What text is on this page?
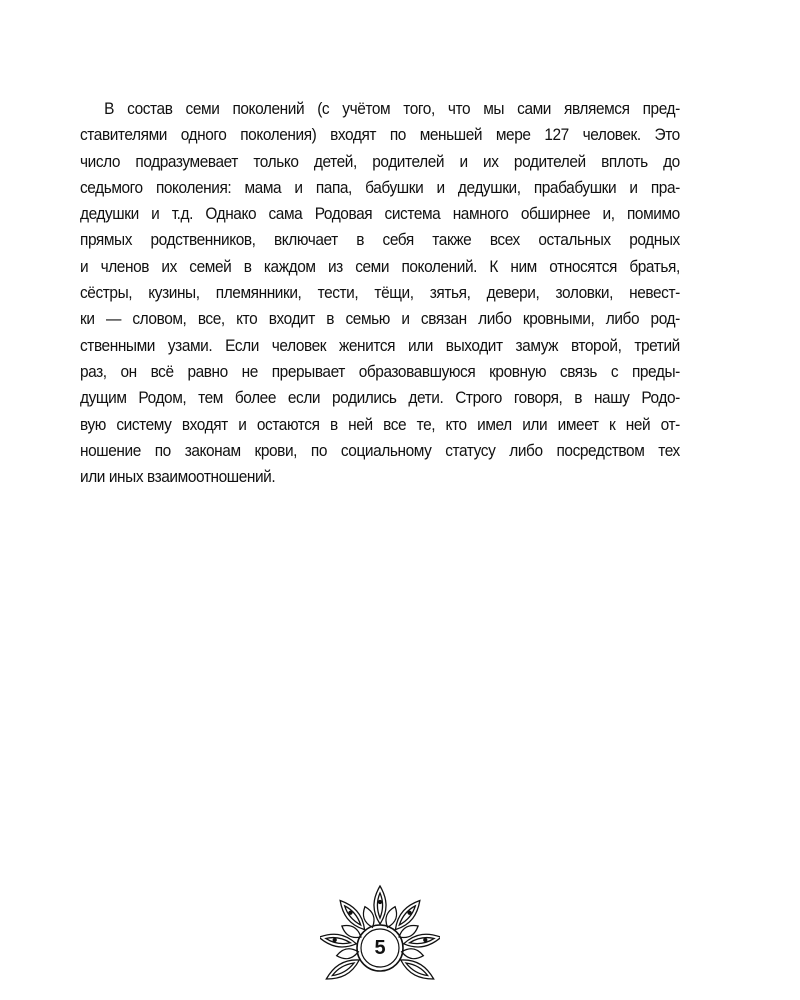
В состав семи поколений (с учётом того, что мы сами являемся пред-
ставителями одного поколения) входят по меньшей мере 127 человек. Это
число подразумевает только детей, родителей и их родителей вплоть до
седьмого поколения: мама и папа, бабушки и дедушки, прабабушки и пра-
дедушки и т.д. Однако сама Родовая система намного обширнее и, помимо
прямых родственников, включает в себя также всех остальных родных
и членов их семей в каждом из семи поколений. К ним относятся братья,
сёстры, кузины, племянники, тести, тёщи, зятья, девери, золовки, невест-
ки — словом, все, кто входит в семью и связан либо кровными, либо род-
ственными узами. Если человек женится или выходит замуж второй, третий
раз, он всё равно не прерывает образовавшуюся кровную связь с преды-
дущим Родом, тем более если родились дети. Строго говоря, в нашу Родо-
вую систему входят и остаются в ней все те, кто имел или имеет к ней от-
ношение по законам крови, по социальному статусу либо посредством тех
или иных взаимоотношений.
5
